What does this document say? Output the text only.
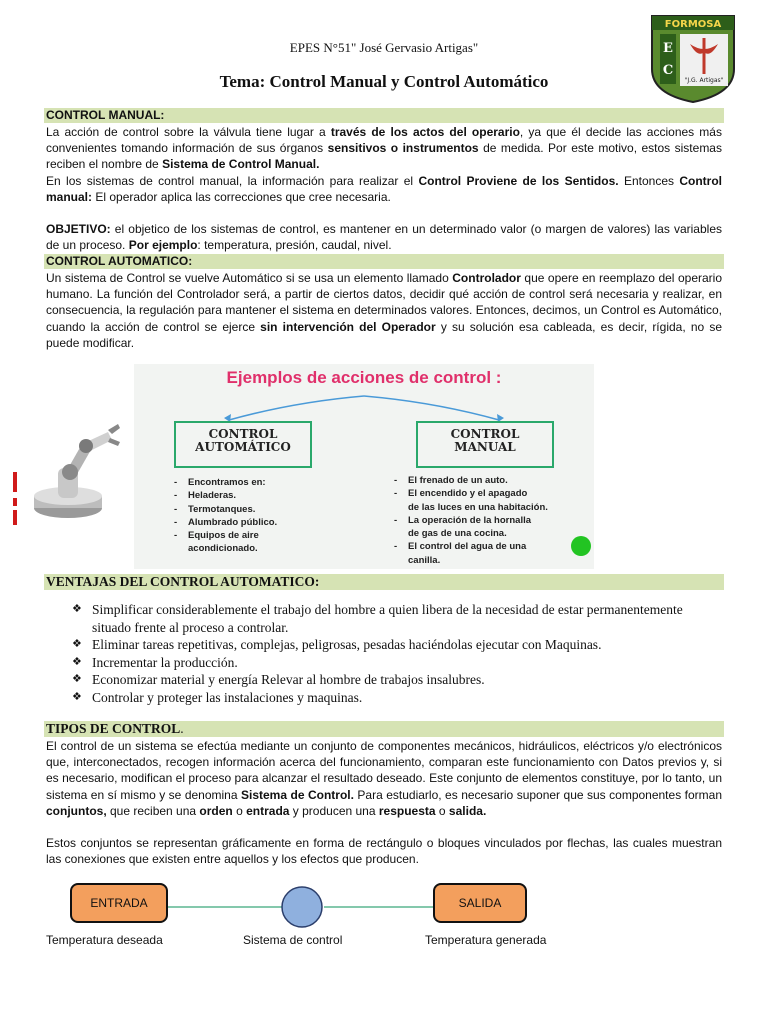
EPES N°51" José Gervasio Artigas"
Tema: Control Manual y Control Automático
FORMOSA
E
C
"J.G. Artigas"
CONTROL MANUAL:

La acción de control sobre la válvula tiene lugar a través de los actos del operario, ya que él decide las acciones más convenientes tomando información de sus órganos sensitivos o instrumentos de medida. Por este motivo, estos sistemas reciben el nombre de Sistema de Control Manual.

En los sistemas de control manual, la información para realizar el Control Proviene de los Sentidos. Entonces Control manual: El operador aplica las correcciones que cree necesaria.

OBJETIVO: el objetico de los sistemas de control, es mantener en un determinado valor (o margen de valores) las variables de un proceso. Por ejemplo: temperatura, presión, caudal, nivel.

CONTROL AUTOMATICO:

Un sistema de Control se vuelve Automático si se usa un elemento llamado Controlador que opere en reemplazo del operario humano. La función del Controlador será, a partir de ciertos datos, decidir qué acción de control será necesaria y realizar, en consecuencia, la regulación para mantener el sistema en determinados valores. Entonces, decimos, un Control es Automático, cuando la acción de control se ejerce sin intervención del Operador y su solución esa cableada, es decir, rígida, no se puede modificar.

Ejemplos de acciones de control :
CONTROL
AUTOMÁTICO
CONTROL
MANUAL
- Encontramos en:
- Heladeras.
- Termotanques.
- Alumbrado público.
- Equipos de aire
acondicionado.
- El frenado de un auto.
- El encendido y el apagado
de las luces en una habitación.
- La operación de la hornalla
de gas de una cocina.
- El control del agua de una
canilla.
VENTAJAS DEL CONTROL AUTOMATICO:
❖ Simplificar considerablemente el trabajo del hombre a quien libera de la necesidad de estar permanentemente situado frente al proceso a controlar.
❖ Eliminar tareas repetitivas, complejas, peligrosas, pesadas haciéndolas ejecutar con Maquinas.
❖ Incrementar la producción.
❖ Economizar material y energía Relevar al hombre de trabajos insalubres.
❖ Controlar y proteger las instalaciones y maquinas.
TIPOS DE CONTROL.

El control de un sistema se efectúa mediante un conjunto de componentes mecánicos, hidráulicos, eléctricos y/o electrónicos que, interconectados, recogen información acerca del funcionamiento, comparan este funcionamiento con Datos previos y, si es necesario, modifican el proceso para alcanzar el resultado deseado. Este conjunto de elementos constituye, por lo tanto, un sistema en sí mismo y se denomina Sistema de Control. Para estudiarlo, es necesario suponer que sus componentes forman conjuntos, que reciben una orden o entrada y producen una respuesta o salida.

Estos conjuntos se representan gráficamente en forma de rectángulo o bloques vinculados por flechas, las cuales muestran las conexiones que existen entre aquellos y los efectos que producen.

ENTRADA	SALIDA
Temperatura deseada	Sistema de control	Temperatura generada
